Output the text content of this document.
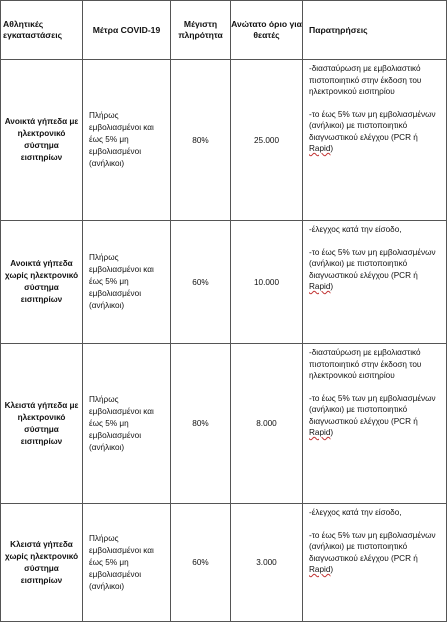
Αθλητικές εγκαταστάσεις	Μέτρα COVID-19	Μέγιστη πληρότητα	Ανώτατο όριο για θεατές	Παρατηρήσεις
Ανοικτά γήπεδα με ηλεκτρονικό σύστημα εισιτηρίων	Πλήρως εμβολιασμένοι και έως 5% μη εμβολιασμένοι (ανήλικοι)	80%	25.000	-διασταύρωση με εμβολιαστικό πιστοποιητικό στην έκδοση του ηλεκτρονικού εισιτηρίου

-το έως 5% των μη εμβολιασμένων (ανήλικοι) με πιστοποιητικό διαγνωστικού ελέγχου (PCR ή Rapid)

Ανοικτά γήπεδα χωρίς ηλεκτρονικό σύστημα εισιτηρίων	Πλήρως εμβολιασμένοι και έως 5% μη εμβολιασμένοι (ανήλικοι)	60%	10.000	-έλεγχος κατά την είσοδο,

-το έως 5% των μη εμβολιασμένων (ανήλικοι) με πιστοποιητικό διαγνωστικού ελέγχου (PCR ή Rapid)

Κλειστά γήπεδα με ηλεκτρονικό σύστημα εισιτηρίων	Πλήρως εμβολιασμένοι και έως 5% μη εμβολιασμένοι (ανήλικοι)	80%	8.000	-διασταύρωση με εμβολιαστικό πιστοποιητικό στην έκδοση του ηλεκτρονικού εισιτηρίου

-το έως 5% των μη εμβολιασμένων (ανήλικοι) με πιστοποιητικό διαγνωστικού ελέγχου (PCR ή Rapid)

Κλειστά γήπεδα χωρίς ηλεκτρονικό σύστημα εισιτηρίων	Πλήρως εμβολιασμένοι και έως 5% μη εμβολιασμένοι (ανήλικοι)	60%	3.000	-έλεγχος κατά την είσοδο,

-το έως 5% των μη εμβολιασμένων (ανήλικοι) με πιστοποιητικό διαγνωστικού ελέγχου (PCR ή Rapid)
